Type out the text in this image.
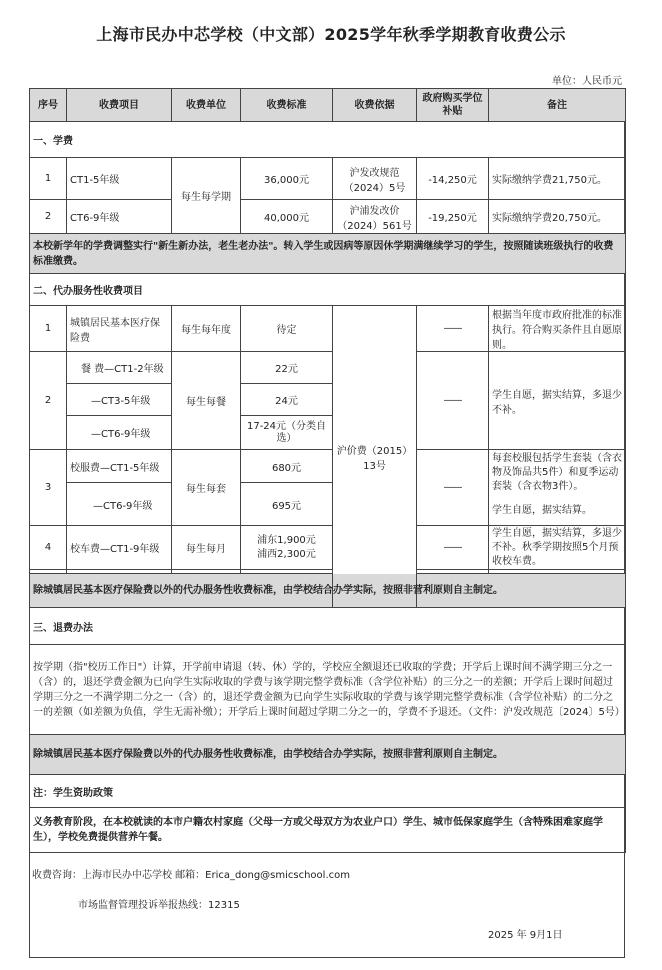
上海市民办中芯学校（中文部）2025学年秋季学期教育收费公示
单位：人民币元
序号	收费项目	收费单位	收费标准	收费依据	政府购买学位补贴	备注
一、学费						
1	CT1-5年级	每生每学期	36,000元	沪发改规范（2024）5号	-14,250元	实际缴纳学费21,750元。
2	CT6-9年级		40,000元	沪浦发改价（2024）561号	-19,250元	实际缴纳学费20,750元。
本校新学年的学费调整实行"新生新办法，老生老办法"。转入学生或因病等原因休学期满继续学习的学生，按照随读班级执行的收费标准缴费。						
二、代办服务性收费项目						
1	城镇居民基本医疗保险费	每生每年度	待定	沪价费（2015）13号	——	根据当年度市政府批准的标准执行。符合购买条件且自愿原则。
2	餐 费—CT1-2年级	每生每餐	22元		——	学生自愿，据实结算，多退少不补。
	—CT3-5年级		24元			
	—CT6-9年级		17-24元（分类自选）			
3	校服费—CT1-5年级	每生每套	680元		——	每套校服包括学生套装（含衣物及饰品共5件）和夏季运动套装（含衣物3件）。
学生自愿，据实结算。

	—CT6-9年级		695元			
4	校车费—CT1-9年级	每生每月	浦东1,900元
浦西2,300元		——	学生自愿，据实结算，多退少不补。秋季学期按照5个月预收校车费。

除城镇居民基本医疗保险费以外的代办服务性收费标准，由学校结合办学实际，按照非营利原则自主制定。						
三、退费办法						
按学期（指"校历工作日"）计算，开学前申请退（转、休）学的，学校应全额退还已收取的学费；开学后上课时间不满学期三分之一（含）的，退还学费金额为已向学生实际收取的学费与该学期完整学费标准（含学位补贴）的三分之一的差额；开学后上课时间超过学期三分之一不满学期二分之一（含）的，退还学费金额为已向学生实际收取的学费与该学期完整学费标准（含学位补贴）的二分之一的差额（如差额为负值，学生无需补缴）；开学后上课时间超过学期二分之一的，学费不予退还。（文件：沪发改规范〔2024〕5号）						
除城镇居民基本医疗保险费以外的代办服务性收费标准，由学校结合办学实际，按照非营利原则自主制定。						
注：学生资助政策						
义务教育阶段，在本校就读的本市户籍农村家庭（父母一方或父母双方为农业户口）学生、城市低保家庭学生（含特殊困难家庭学生），学校免费提供营养午餐。						
收费咨询：上海市民办中芯学校 邮箱：Erica_dong@smicschool.com
市场监督管理投诉举报热线：12315
2025 年 9月1日
